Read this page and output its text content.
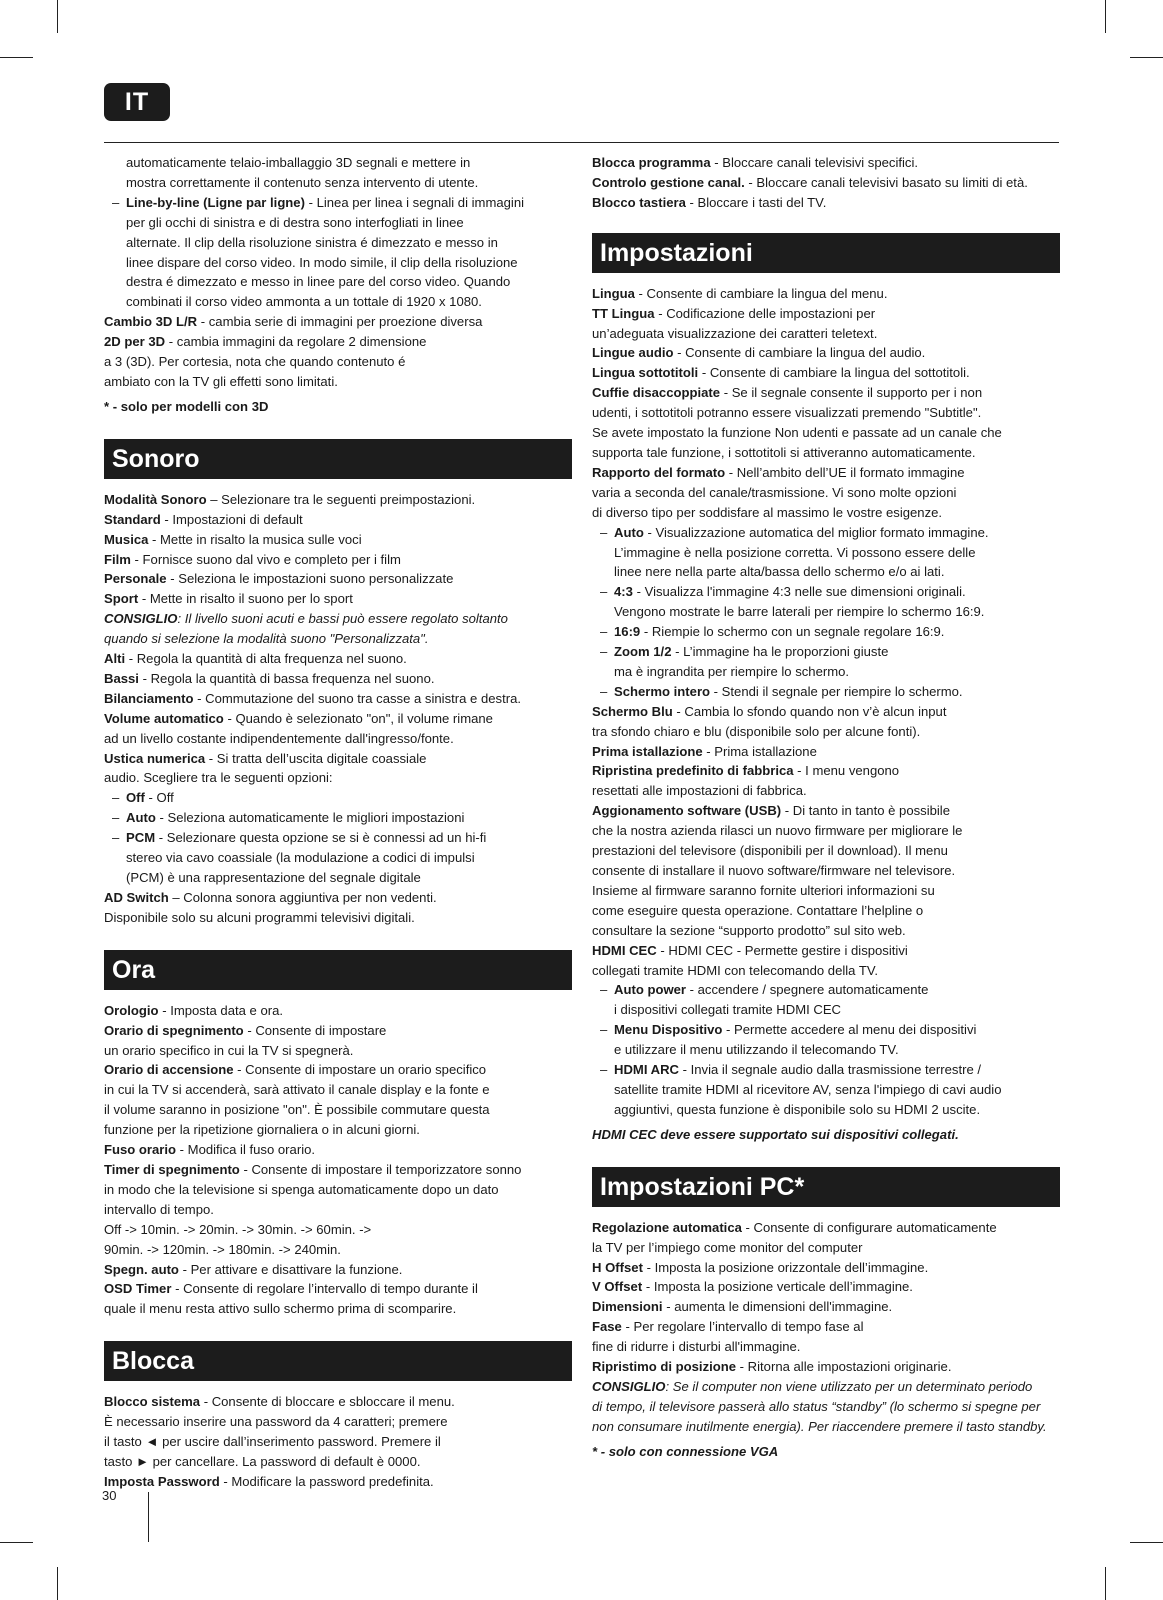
IT
automaticamente telaio-imballaggio 3D segnali e mettere in
mostra correttamente il contenuto senza intervento di utente.
– Line-by-line (Ligne par ligne) - Linea per linea i segnali di immagini
per gli occhi di sinistra e di destra sono interfogliati in linee
alternate. Il clip della risoluzione sinistra é dimezzato e messo in
linee dispare del corso video. In modo simile, il clip della risoluzione
destra é dimezzato e messo in linee pare del corso video. Quando
combinati il corso video ammonta a un tottale di 1920 x 1080.
Cambio 3D L/R - cambia serie di immagini per proezione diversa
2D per 3D - cambia immagini da regolare 2 dimensione
a 3 (3D). Per cortesia, nota che quando contenuto é
ambiato con la TV gli effetti sono limitati.
* - solo per modelli con 3D
Sonoro
Modalità Sonoro – Selezionare tra le seguenti preimpostazioni.
Standard - Impostazioni di default
Musica - Mette in risalto la musica sulle voci
Film - Fornisce suono dal vivo e completo per i film
Personale - Seleziona le impostazioni suono personalizzate
Sport - Mette in risalto il suono per lo sport
CONSIGLIO: Il livello suoni acuti e bassi può essere regolato soltanto
quando si selezione la modalità suono "Personalizzata".
Alti - Regola la quantità di alta frequenza nel suono.
Bassi - Regola la quantità di bassa frequenza nel suono.
Bilanciamento - Commutazione del suono tra casse a sinistra e destra.
Volume automatico - Quando è selezionato "on", il volume rimane
ad un livello costante indipendentemente dall'ingresso/fonte.
Ustica numerica - Si tratta dell’uscita digitale coassiale
audio. Scegliere tra le seguenti opzioni:
– Off - Off
– Auto - Seleziona automaticamente le migliori impostazioni
– PCM - Selezionare questa opzione se si è connessi ad un hi-fi
stereo via cavo coassiale (la modulazione a codici di impulsi
(PCM) è una rappresentazione del segnale digitale
AD Switch – Colonna sonora aggiuntiva per non vedenti.
Disponibile solo su alcuni programmi televisivi digitali.
Ora
Orologio - Imposta data e ora.
Orario di spegnimento - Consente di impostare
un orario specifico in cui la TV si spegnerà.
Orario di accensione - Consente di impostare un orario specifico
in cui la TV si accenderà, sarà attivato il canale display e la fonte e
il volume saranno in posizione "on". È possibile commutare questa
funzione per la ripetizione giornaliera o in alcuni giorni.
Fuso orario - Modifica il fuso orario.
Timer di spegnimento - Consente di impostare il temporizzatore sonno
in modo che la televisione si spenga automaticamente dopo un dato
intervallo di tempo.
Off -> 10min. -> 20min. -> 30min. -> 60min. ->
90min. -> 120min. -> 180min. -> 240min.
Spegn. auto - Per attivare e disattivare la funzione.
OSD Timer - Consente di regolare l’intervallo di tempo durante il
quale il menu resta attivo sullo schermo prima di scomparire.
Blocca
Blocco sistema - Consente di bloccare e sbloccare il menu.
È necessario inserire una password da 4 caratteri; premere
il tasto ◄ per uscire dall’inserimento password. Premere il
tasto ► per cancellare. La password di default è 0000.
Imposta Password - Modificare la password predefinita.
Blocca programma - Bloccare canali televisivi specifici.
Controlo gestione canal. - Bloccare canali televisivi basato su limiti di età.
Blocco tastiera - Bloccare i tasti del TV.
Impostazioni
Lingua - Consente di cambiare la lingua del menu.
TT Lingua - Codificazione delle impostazioni per
un’adeguata visualizzazione dei caratteri teletext.
Lingue audio - Consente di cambiare la lingua del audio.
Lingua sottotitoli - Consente di cambiare la lingua del sottotitoli.
Cuffie disaccoppiate - Se il segnale consente il supporto per i non
udenti, i sottotitoli potranno essere visualizzati premendo "Subtitle".
Se avete impostato la funzione Non udenti e passate ad un canale che
supporta tale funzione, i sottotitoli si attiveranno automaticamente.
Rapporto del formato - Nell’ambito dell’UE il formato immagine
varia a seconda del canale/trasmissione. Vi sono molte opzioni
di diverso tipo per soddisfare al massimo le vostre esigenze.
– Auto - Visualizzazione automatica del miglior formato immagine.
L’immagine è nella posizione corretta. Vi possono essere delle
linee nere nella parte alta/bassa dello schermo e/o ai lati.
– 4:3 - Visualizza l'immagine 4:3 nelle sue dimensioni originali.
Vengono mostrate le barre laterali per riempire lo schermo 16:9.
– 16:9 - Riempie lo schermo con un segnale regolare 16:9.
– Zoom 1/2 - L’immagine ha le proporzioni giuste
ma è ingrandita per riempire lo schermo.
– Schermo intero - Stendi il segnale per riempire lo schermo.
Schermo Blu - Cambia lo sfondo quando non v’è alcun input
tra sfondo chiaro e blu (disponibile solo per alcune fonti).
Prima istallazione - Prima istallazione
Ripristina predefinito di fabbrica - I menu vengono
resettati alle impostazioni di fabbrica.
Aggionamento software (USB) - Di tanto in tanto è possibile
che la nostra azienda rilasci un nuovo firmware per migliorare le
prestazioni del televisore (disponibili per il download). Il menu
consente di installare il nuovo software/firmware nel televisore.
Insieme al firmware saranno fornite ulteriori informazioni su
come eseguire questa operazione. Contattare l’helpline o
consultare la sezione “supporto prodotto” sul sito web.
HDMI CEC - HDMI CEC - Permette gestire i dispositivi
collegati tramite HDMI con telecomando della TV.
– Auto power - accendere / spegnere automaticamente
i dispositivi collegati tramite HDMI CEC
– Menu Dispositivo - Permette accedere al menu dei dispositivi
e utilizzare il menu utilizzando il telecomando TV.
– HDMI ARC - Invia il segnale audio dalla trasmissione terrestre /
satellite tramite HDMI al ricevitore AV, senza l'impiego di cavi audio
aggiuntivi, questa funzione è disponibile solo su HDMI 2 uscite.
HDMI CEC deve essere supportato sui dispositivi collegati.
Impostazioni PC*
Regolazione automatica - Consente di configurare automaticamente
la TV per l’impiego come monitor del computer
H Offset - Imposta la posizione orizzontale dell’immagine.
V Offset - Imposta la posizione verticale dell’immagine.
Dimensioni - aumenta le dimensioni dell'immagine.
Fase - Per regolare l’intervallo di tempo fase al
fine di ridurre i disturbi all'immagine.
Ripristimo di posizione - Ritorna alle impostazioni originarie.
CONSIGLIO: Se il computer non viene utilizzato per un determinato periodo
di tempo, il televisore passerà allo status “standby” (lo schermo si spegne per
non consumare inutilmente energia). Per riaccendere premere il tasto standby.
* - solo con connessione VGA
30
